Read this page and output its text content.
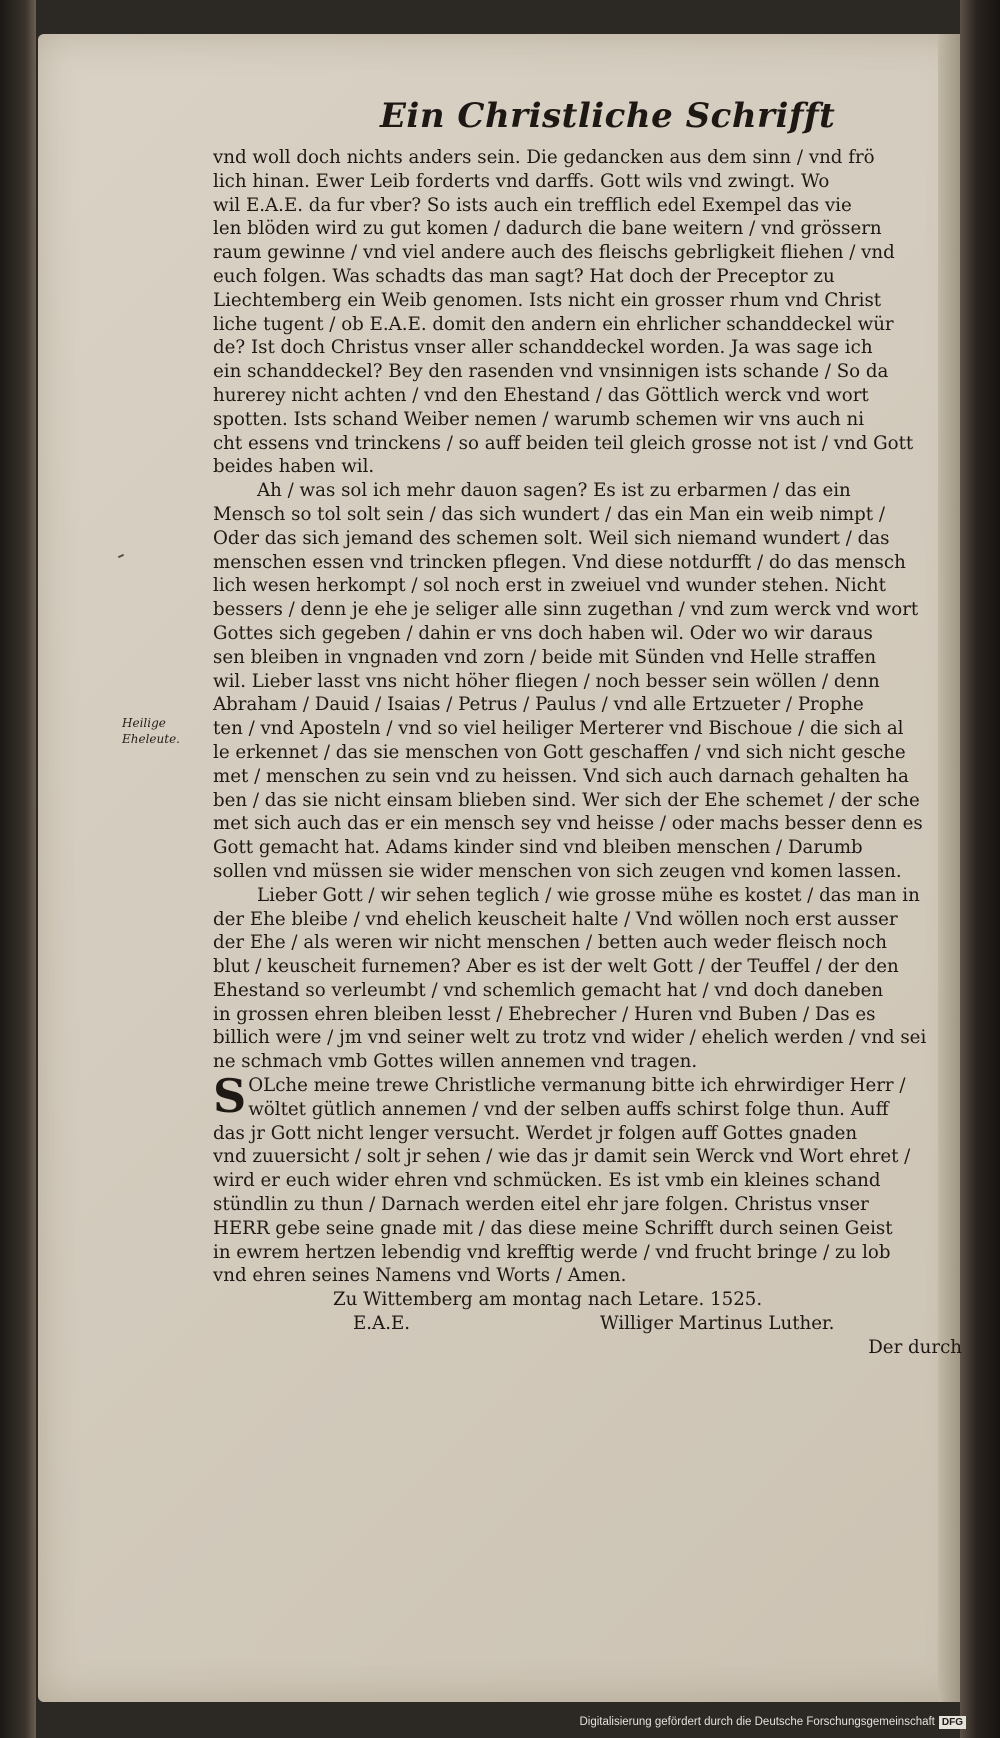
Ein Christliche Schrifft
Heilige Eheleute.
vnd woll doch nichts anders sein. Die gedancken aus dem sinn / vnd frö
lich hinan. Ewer Leib forderts vnd darffs. Gott wils vnd zwingt. Wo
wil E.A.E. da fur vber? So ists auch ein trefflich edel Exempel das vie
len blöden wird zu gut komen / dadurch die bane weitern / vnd grössern
raum gewinne / vnd viel andere auch des fleischs gebrligkeit fliehen / vnd
euch folgen. Was schadts das man sagt? Hat doch der Preceptor zu
Liechtemberg ein Weib genomen. Ists nicht ein grosser rhum vnd Christ
liche tugent / ob E.A.E. domit den andern ein ehrlicher schanddeckel wür
de? Ist doch Christus vnser aller schanddeckel worden. Ja was sage ich
ein schanddeckel? Bey den rasenden vnd vnsinnigen ists schande / So da
hurerey nicht achten / vnd den Ehestand / das Göttlich werck vnd wort
spotten. Ists schand Weiber nemen / warumb schemen wir vns auch ni
cht essens vnd trinckens / so auff beiden teil gleich grosse not ist / vnd Gott
beides haben wil.
Ah / was sol ich mehr dauon sagen? Es ist zu erbarmen / das ein
Mensch so tol solt sein / das sich wundert / das ein Man ein weib nimpt /
Oder das sich jemand des schemen solt. Weil sich niemand wundert / das
menschen essen vnd trincken pflegen. Vnd diese notdurfft / do das mensch
lich wesen herkompt / sol noch erst in zweiuel vnd wunder stehen. Nicht
bessers / denn je ehe je seliger alle sinn zugethan / vnd zum werck vnd wort
Gottes sich gegeben / dahin er vns doch haben wil. Oder wo wir daraus
sen bleiben in vngnaden vnd zorn / beide mit Sünden vnd Helle straffen
wil. Lieber lasst vns nicht höher fliegen / noch besser sein wöllen / denn
Abraham / Dauid / Isaias / Petrus / Paulus / vnd alle Ertzueter / Prophe
ten / vnd Aposteln / vnd so viel heiliger Merterer vnd Bischoue / die sich al
le erkennet / das sie menschen von Gott geschaffen / vnd sich nicht gesche
met / menschen zu sein vnd zu heissen. Vnd sich auch darnach gehalten ha
ben / das sie nicht einsam blieben sind. Wer sich der Ehe schemet / der sche
met sich auch das er ein mensch sey vnd heisse / oder machs besser denn es
Gott gemacht hat. Adams kinder sind vnd bleiben menschen / Darumb
sollen vnd müssen sie wider menschen von sich zeugen vnd komen lassen.
Lieber Gott / wir sehen teglich / wie grosse mühe es kostet / das man in
der Ehe bleibe / vnd ehelich keuscheit halte / Vnd wöllen noch erst ausser
der Ehe / als weren wir nicht menschen / betten auch weder fleisch noch
blut / keuscheit furnemen? Aber es ist der welt Gott / der Teuffel / der den
Ehestand so verleumbt / vnd schemlich gemacht hat / vnd doch daneben
in grossen ehren bleiben lesst / Ehebrecher / Huren vnd Buben / Das es
billich were / jm vnd seiner welt zu trotz vnd wider / ehelich werden / vnd sei
ne schmach vmb Gottes willen annemen vnd tragen.
S OLche meine trewe Christliche vermanung bitte ich ehrwirdiger Herr /
wöltet gütlich annemen / vnd der selben auffs schirst folge thun. Auff
das jr Gott nicht lenger versucht. Werdet jr folgen auff Gottes gnaden
vnd zuuersicht / solt jr sehen / wie das jr damit sein Werck vnd Wort ehret /
wird er euch wider ehren vnd schmücken. Es ist vmb ein kleines schand
stündlin zu thun / Darnach werden eitel ehr jare folgen. Christus vnser
HERR gebe seine gnade mit / das diese meine Schrifft durch seinen Geist
in ewrem hertzen lebendig vnd krefftig werde / vnd frucht bringe / zu lob
vnd ehren seines Namens vnd Worts / Amen.
Zu Wittemberg am montag nach Letare. 1525.
E.A.E.	Williger Martinus Luther.
Der durch
Digitalisierung gefördert durch die Deutsche Forschungsgemeinschaft DFG
